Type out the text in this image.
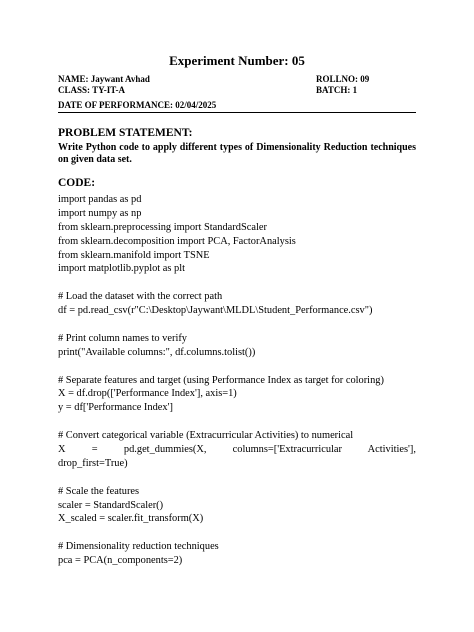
Experiment Number: 05
NAME: Jaywant Avhad	ROLLNO: 09
CLASS: TY-IT-A	BATCH: 1
DATE OF PERFORMANCE: 02/04/2025
PROBLEM STATEMENT:
Write Python code to apply different types of Dimensionality Reduction techniques on given data set.
CODE:
import pandas as pd
import numpy as np
from sklearn.preprocessing import StandardScaler
from sklearn.decomposition import PCA, FactorAnalysis
from sklearn.manifold import TSNE
import matplotlib.pyplot as plt
# Load the dataset with the correct path
df = pd.read_csv(r"C:\Desktop\Jaywant\MLDL\Student_Performance.csv")
# Print column names to verify
print("Available columns:", df.columns.tolist())
# Separate features and target (using Performance Index as target for coloring)
X = df.drop(['Performance Index'], axis=1)
y = df['Performance Index']
# Convert categorical variable (Extracurricular Activities) to numerical
X = pd.get_dummies(X, columns=['Extracurricular Activities'],
drop_first=True)
# Scale the features
scaler = StandardScaler()
X_scaled = scaler.fit_transform(X)
# Dimensionality reduction techniques
pca = PCA(n_components=2)
